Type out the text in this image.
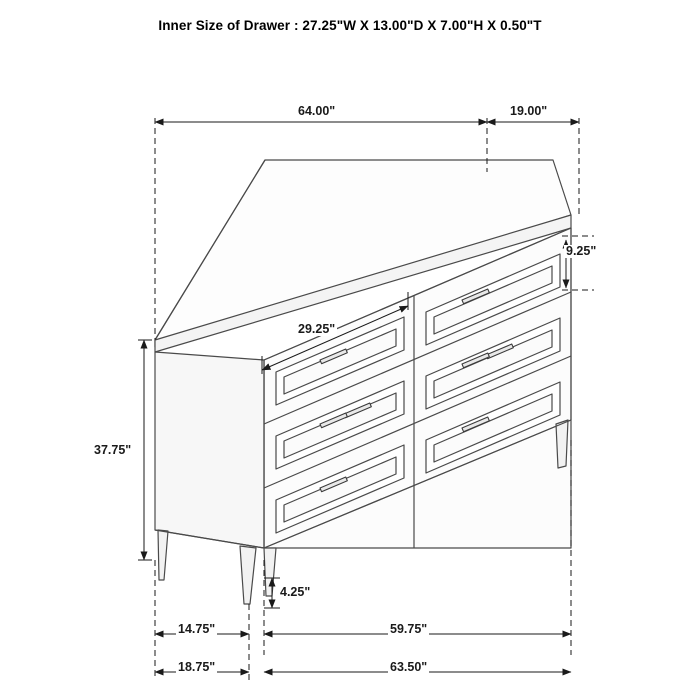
Inner Size of Drawer : 27.25"W X 13.00"D X 7.00"H X 0.50"T
64.00"	19.00"
29.25"
9.25"
37.75"
4.25"
14.75"	59.75"
18.75"	63.50"
